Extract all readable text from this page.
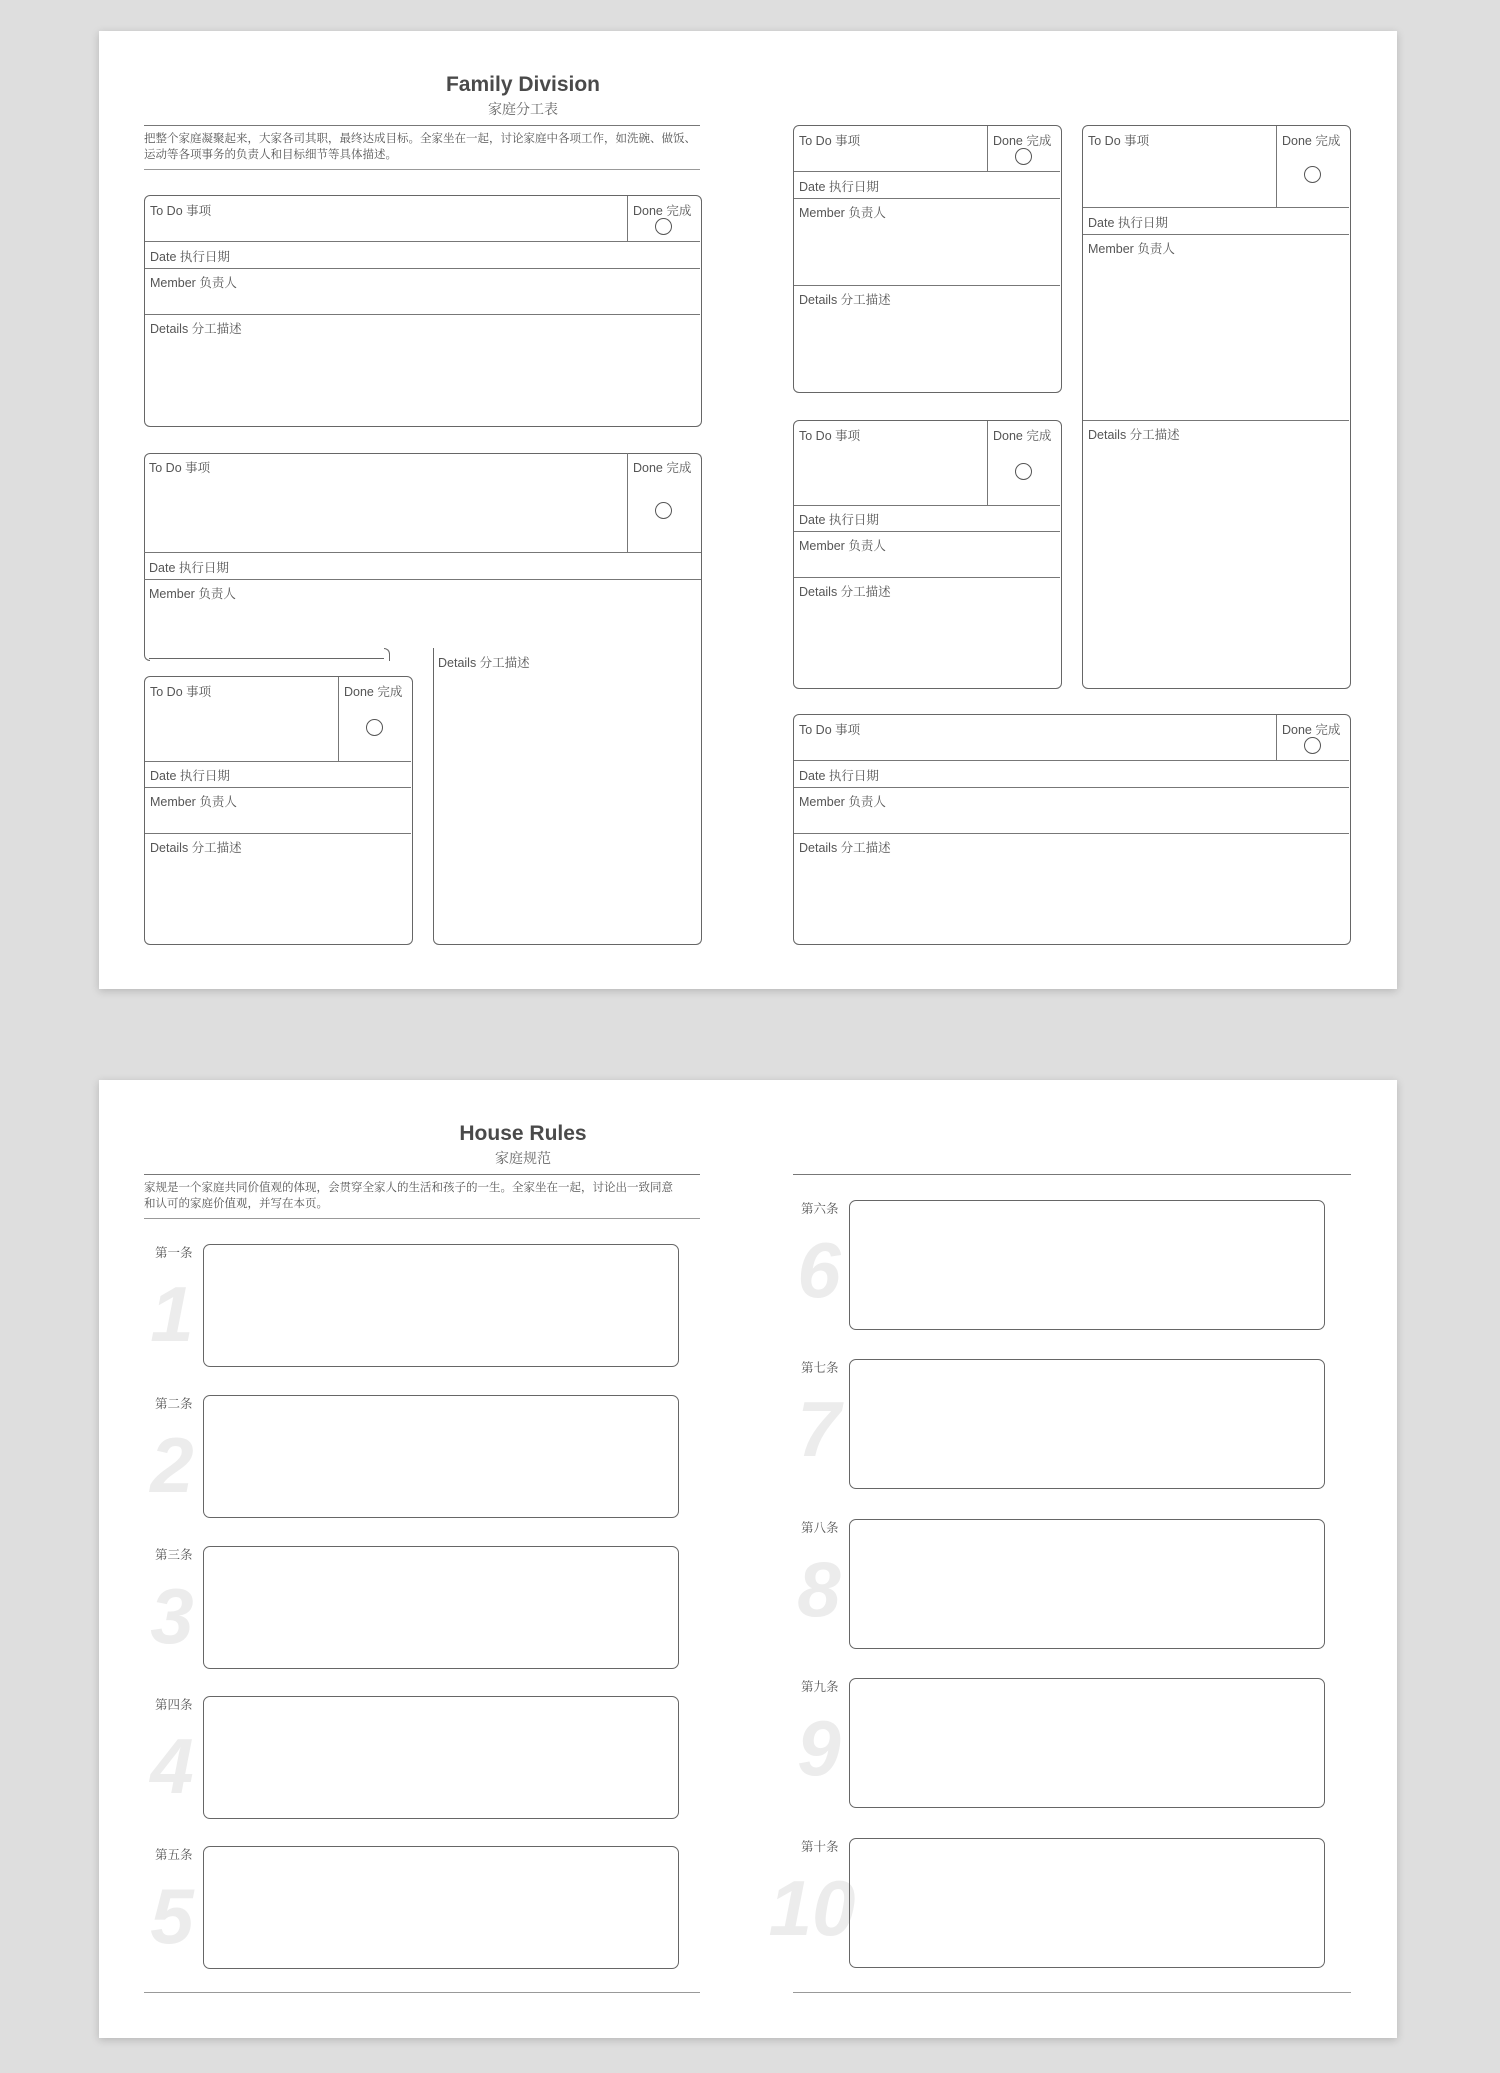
Family Division
家庭分工表
把整个家庭凝聚起来，大家各司其职，最终达成目标。全家坐在一起，讨论家庭中各项工作，如洗碗、做饭、
运动等各项事务的负责人和目标细节等具体描述。
To Do 事项	Done 完成
Date 执行日期
Member 负责人
Details 分工描述
To Do 事项	Done 完成
Date 执行日期
Member 负责人
Details 分工描述
To Do 事项	Done 完成
Date 执行日期
Member 负责人
Details 分工描述
To Do 事项	Done 完成
Date 执行日期
Member 负责人
Details 分工描述
To Do 事项	Done 完成
Date 执行日期
Member 负责人
Details 分工描述
To Do 事项	Done 完成
Date 执行日期
Member 负责人
Details 分工描述
To Do 事项	Done 完成
Date 执行日期
Member 负责人
Details 分工描述
House Rules
家庭规范
家规是一个家庭共同价值观的体现，会贯穿全家人的生活和孩子的一生。全家坐在一起，讨论出一致同意
和认可的家庭价值观，并写在本页。
第一条
1
第二条
2
第三条
3
第四条
4
第五条
5
第六条
6
第七条
7
第八条
8
第九条
9
第十条
10
